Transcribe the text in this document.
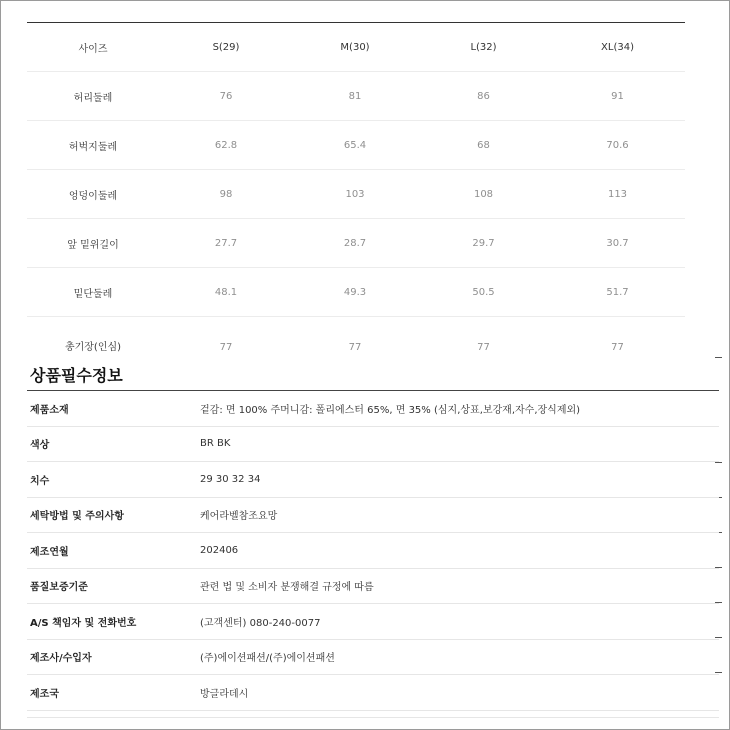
사이즈	S(29)	M(30)	L(32)	XL(34)
허리둘레	76	81	86	91
허벅지둘레	62.8	65.4	68	70.6
엉덩이둘레	98	103	108	113
앞 밑위길이	27.7	28.7	29.7	30.7
밑단둘레	48.1	49.3	50.5	51.7
총기장(인심)	77	77	77	77
상품필수정보
제품소재	겉감: 면 100% 주머니감: 폴리에스터 65%, 면 35% (심지,상표,보강재,자수,장식제외)
색상	BR BK
치수	29 30 32 34
세탁방법 및 주의사항	케어라벨참조요망
제조연월	202406
품질보증기준	관련 법 및 소비자 분쟁해결 규정에 따름
A/S 책임자 및 전화번호	(고객센터) 080-240-0077
제조사/수입자	(주)에이션패션/(주)에이션패션
제조국	방글라데시
